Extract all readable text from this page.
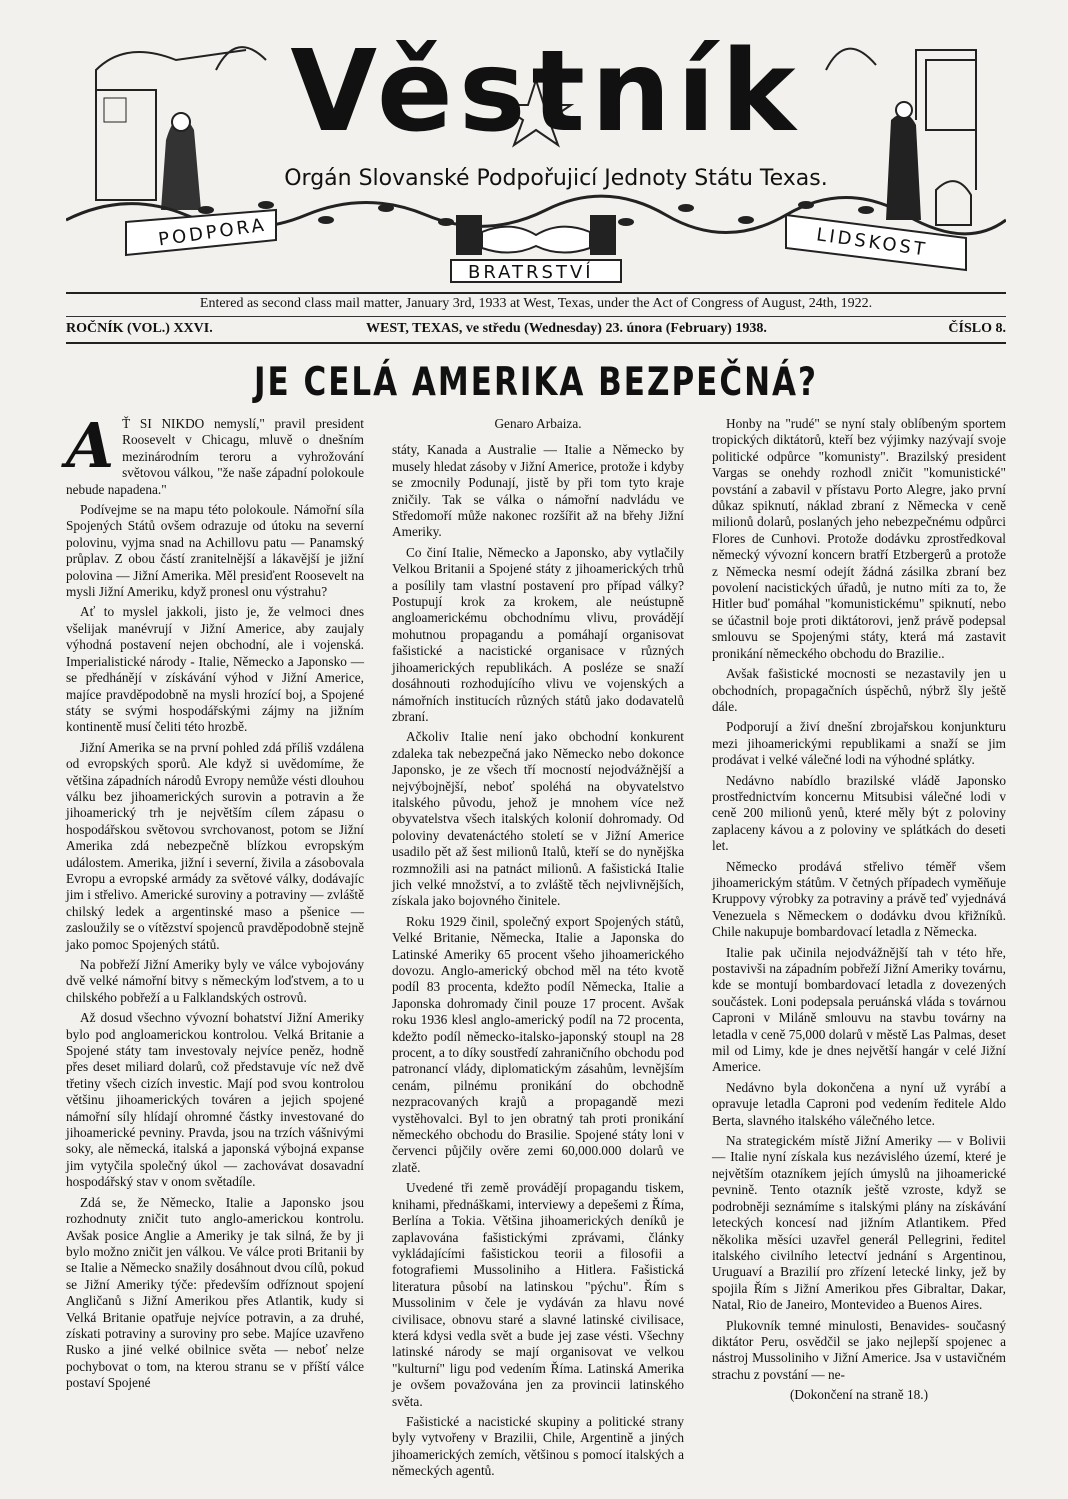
Věstník
Orgán Slovanské Podpořujicí Jednoty Státu Texas.
PODPORA
BRATRSTVÍ
LIDSKOST
Entered as second class mail matter, January 3rd, 1933 at West, Texas, under the Act of Congress of August, 24th, 1922.
ROČNÍK (VOL.) XXVI.	WEST, TEXAS, ve středu (Wednesday) 23. února (February) 1938.	ČÍSLO 8.
JE CELÁ AMERIKA BEZPEČNÁ?

A Ť SI NIKDO nemyslí," pravil president Roosevelt v Chicagu, mluvě o dnešním mezinárodním teroru a vyhrožování světovou válkou, "že naše západní polokoule nebude napadena."

Podívejme se na mapu této polokoule. Námořní síla Spojených Států ovšem odrazuje od útoku na severní polovinu, vyjma snad na Achillovu patu — Panamský průplav. Z obou částí zranitelnější a lákavější je jižní polovina — Jižní Amerika. Měl presiďent Roosevelt na mysli Jižní Ameriku, když pronesl onu výstrahu?

Ať to myslel jakkoli, jisto je, že velmoci dnes všelijak manévrují v Jižní Americe, aby zaujaly výhodná postavení nejen obchodní, ale i vojenská. Imperialistické národy - Italie, Německo a Japonsko — se předhánějí v získávání výhod v Jižní Americe, majíce pravděpodobně na mysli hrozící boj, a Spojené státy se svými hospodářskými zájmy na jižním kontinentě musí čeliti této hrozbě.

Jižní Amerika se na první pohled zdá příliš vzdálena od evropských sporů. Ale když si uvědomíme, že většina západních národů Evropy nemůže vésti dlouhou válku bez jihoamerických surovin a potravin a že jihoamerický trh je největším cílem zápasu o hospodářskou světovou svrchovanost, potom se Jižní Amerika zdá nebezpečně blízkou evropským událostem. Amerika, jižní i severní, živila a zásobovala Evropu a evropské armády za světové války, dodávajíc jim i střelivo. Americké suroviny a potraviny — zvláště chilský ledek a argentinské maso a pšenice — zasloužily se o vítězství spojenců pravděpodobně stejně jako pomoc Spojených států.

Na pobřeží Jižní Ameriky byly ve válce vybojovány dvě velké námořní bitvy s německým loďstvem, a to u chilského pobřeží a u Falklandských ostrovů.

Až dosud všechno vývozní bohatství Jižní Ameriky bylo pod angloamerickou kontrolou. Velká Britanie a Spojené státy tam investovaly nejvíce peněz, hodně přes deset miliard dolarů, což představuje víc než dvě třetiny všech cizích investic. Mají pod svou kontrolou většinu jihoamerických továren a jejich spojené námořní síly hlídají ohromné částky investované do jihoamerické pevniny. Pravda, jsou na trzích vášnivými soky, ale německá, italská a japonská výbojná expanse jim vytyčila společný úkol — zachovávat dosavadní hospodářský stav v onom světadíle.

Zdá se, že Německo, Italie a Japonsko jsou rozhodnuty zničit tuto anglo-americkou kontrolu. Avšak posice Anglie a Ameriky je tak silná, že by ji bylo možno zničit jen válkou. Ve válce proti Britanii by se Italie a Německo snažily dosáhnout dvou cílů, pokud se Jižní Ameriky týče: především odříznout spojení Angličanů s Jižní Amerikou přes Atlantik, kudy si Velká Britanie opatřuje nejvíce potravin, a za druhé, získati potraviny a suroviny pro sebe. Majíce uzavřeno Rusko a jiné velké obilnice světa — neboť nelze pochybovat o tom, na kterou stranu se v příští válce postaví Spojené

Genaro Arbaiza.

státy, Kanada a Australie — Italie a Německo by musely hledat zásoby v Jižní Americe, protože i kdyby se zmocnily Podunají, jistě by při tom tyto kraje zničily. Tak se válka o námořní nadvládu ve Středomoří může nakonec rozšířit až na břehy Jižní Ameriky.

Co činí Italie, Německo a Japonsko, aby vytlačily Velkou Britanii a Spojené státy z jihoamerických trhů a posílily tam vlastní postavení pro případ války? Postupují krok za krokem, ale neústupně angloamerickému obchodnímu vlivu, provádějí mohutnou propagandu a pomáhají organisovat fašistické a nacistické organisace v různých jihoamerických republikách. A posléze se snaží dosáhnouti rozhodujícího vlivu ve vojenských a námořních institucích různých států jako dodavatelů zbraní.

Ačkoliv Italie není jako obchodní konkurent zdaleka tak nebezpečná jako Německo nebo dokonce Japonsko, je ze všech tří mocností nejodvážnější a nejvýbojnější, neboť spoléhá na obyvatelstvo italského původu, jehož je mnohem více než obyvatelstva všech italských kolonií dohromady. Od poloviny devatenáctého století se v Jižní Americe usadilo pět až šest milionů Italů, kteří se do nynějška rozmnožili asi na patnáct milionů. A fašistická Italie jich velké množství, a to zvláště těch nejvlivnějších, získala jako bojovného činitele.

Roku 1929 činil, společný export Spojených států, Velké Britanie, Německa, Italie a Japonska do Latinské Ameriky 65 procent všeho jihoamerického dovozu. Anglo-americký obchod měl na této kvotě podíl 83 procenta, kdežto podíl Německa, Italie a Japonska dohromady činil pouze 17 procent. Avšak roku 1936 klesl anglo-americký podíl na 72 procenta, kdežto podíl německo-italsko-japonský stoupl na 28 procent, a to díky soustředí zahraničního obchodu pod patronancí vlády, diplomatickým zásahům, levnějším cenám, pilnému pronikání do obchodně nezpracovaných krajů a propagandě mezi vystěhovalci. Byl to jen obratný tah proti pronikání německého obchodu do Brasilie. Spojené státy loni v červenci půjčily ověre zemi 60,000.000 dolarů ve zlatě.

Uvedené tři země provádějí propagandu tiskem, knihami, přednáškami, interviewy a depešemi z Říma, Berlína a Tokia. Většina jihoamerických deníků je zaplavována fašistickými zprávami, články vykládajícími fašistickou teorii a filosofii a fotografiemi Mussoliniho a Hitlera. Fašistická literatura působí na latinskou "pýchu". Řím s Mussolinim v čele je vydáván za hlavu nové civilisace, obnovu staré a slavné latinské civilisace, která kdysi vedla svět a bude jej zase vésti. Všechny latinské národy se mají organisovat ve velkou "kulturní" ligu pod vedením Říma. Latinská Amerika je ovšem považována jen za provincii latinského světa.

Fašistické a nacistické skupiny a politické strany byly vytvořeny v Brazilii, Chile, Argentině a jiných jihoamerických zemích, většinou s pomocí italských a německých agentů.

Honby na "rudé" se nyní staly oblíbeným sportem tropických diktátorů, kteří bez výjimky nazývají svoje politické odpůrce "komunisty". Brazilský president Vargas se onehdy rozhodl zničit "komunistické" povstání a zabavil v přístavu Porto Alegre, jako první důkaz spiknutí, náklad zbraní z Německa v ceně milionů dolarů, poslaných jeho nebezpečnému odpůrci Flores de Cunhovi. Protože dodávku zprostředkoval německý vývozní koncern bratří Etzbergerů a protože z Německa nesmí odejít žádná zásilka zbraní bez povolení nacistických úřadů, je nutno míti za to, že Hitler buď pomáhal "komunistickému" spiknutí, nebo se účastnil boje proti diktátorovi, jenž právě podepsal smlouvu se Spojenými státy, která má zastavit pronikání německého obchodu do Brazilie..

Avšak fašistické mocnosti se nezastavily jen u obchodních, propagačních úspěchů, nýbrž šly ještě dále.

Podporují a živí dnešní zbrojařskou konjunkturu mezi jihoamerickými republikami a snaží se jim prodávat i velké válečné lodi na výhodné splátky.

Nedávno nabídlo brazilské vládě Japonsko prostřednictvím koncernu Mitsubisi válečné lodi v ceně 200 milionů yenů, které měly být z poloviny zaplaceny kávou a z poloviny ve splátkách do deseti let.

Německo prodává střelivo téměř všem jihoamerickým státům. V četných případech vyměňuje Kruppovy výrobky za potraviny a právě teď vyjednává Venezuela s Německem o dodávku dvou křižníků. Chile nakupuje bombardovací letadla z Německa.

Italie pak učinila nejodvážnější tah v této hře, postavivši na západním pobřeží Jižní Ameriky továrnu, kde se montují bombardovací letadla z dovezených součástek. Loni podepsala peruánská vláda s továrnou Caproni v Miláně smlouvu na stavbu továrny na letadla v ceně 75,000 dolarů v městě Las Palmas, deset mil od Limy, kde je dnes největší hangár v celé Jižní Americe.

Nedávno byla dokončena a nyní už vyrábí a opravuje letadla Caproni pod vedením ředitele Aldo Berta, slavného italského válečného letce.

Na strategickém místě Jižní Ameriky — v Bolivii — Italie nyní získala kus nezávislého území, které je největším otazníkem jejích úmyslů na jihoamerické pevnině. Tento otazník ještě vzroste, když se podrobněji seznámíme s italskými plány na získávání leteckých koncesí nad jižním Atlantikem. Před několika měsíci uzavřel generál Pellegrini, ředitel italského civilního letectví jednání s Argentinou, Uruguaví a Brazilií pro zřízení letecké linky, jež by spojila Řím s Jižní Amerikou přes Gibraltar, Dakar, Natal, Rio de Janeiro, Montevideo a Buenos Aires.

Plukovník temné minulosti, Benavides- současný diktátor Peru, osvědčil se jako nejlepší spojenec a nástroj Mussoliniho v Jižní Americe. Jsa v ustavičném strachu z povstání — ne-

(Dokončení na straně 18.)
